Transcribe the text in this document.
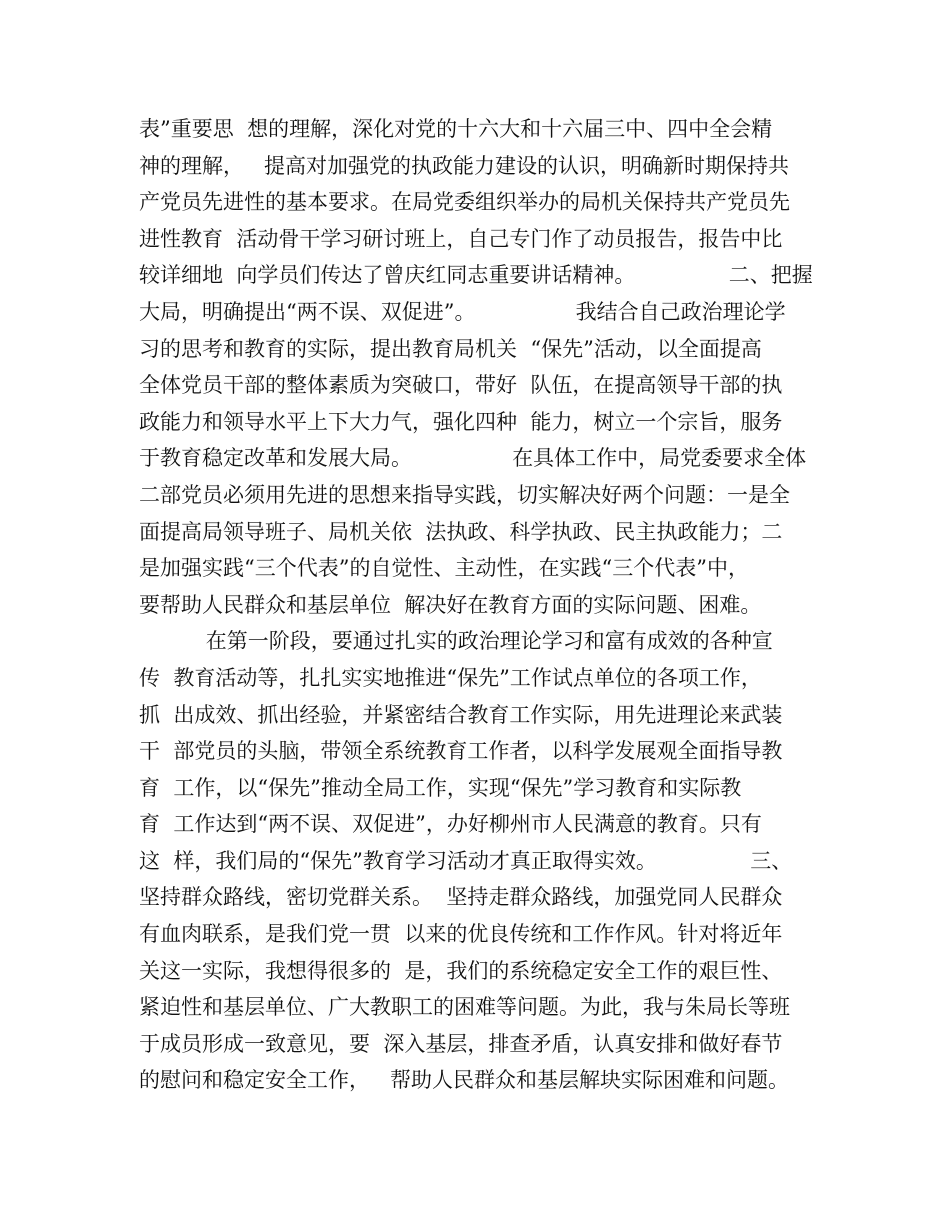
表”重要思  想的理解，深化对党的十六大和十六届三中、四中全会精
神的理解，   提高对加强党的执政能力建设的认识，明确新时期保持共
产党员先进性的基本要求。在局党委组织举办的局机关保持共产党员先
进性教育  活动骨干学习研讨班上，自己专门作了动员报告，报告中比
较详细地  向学员们传达了曾庆红同志重要讲话精神。              二、把握
大局，明确提出“两不误、双促进”。               我结合自己政治理论学
习的思考和教育的实际，提出教育局机关  “保先”活动，以全面提高
全体党员干部的整体素质为突破口，带好  队伍，在提高领导干部的执
政能力和领导水平上下大力气，强化四种  能力，树立一个宗旨，服务
于教育稳定改革和发展大局。               在具体工作中，局党委要求全体
二部党员必须用先进的思想来指导实践，切实解决好两个问题：一是全
面提高局领导班子、局机关依  法执政、科学执政、民主执政能力；二
是加强实践“三个代表”的自觉性、主动性，在实践“三个代表”中，
要帮助人民群众和基层单位  解决好在教育方面的实际问题、困难。
在第一阶段，要通过扎实的政治理论学习和富有成效的各种宣
传  教育活动等，扎扎实实地推进“保先”工作试点单位的各项工作，
抓  出成效、抓出经验，并紧密结合教育工作实际，用先进理论来武装
干  部党员的头脑，带领全系统教育工作者，以科学发展观全面指导教
育  工作，以“保先”推动全局工作，实现“保先”学习教育和实际教
育  工作达到“两不误、双促进”，办好柳州市人民满意的教育。只有
这  样，我们局的“保先”教育学习活动才真正取得实效。              三、
坚持群众路线，密切党群关系。  坚持走群众路线，加强党同人民群众
有血肉联系，是我们党一贯  以来的优良传统和工作作风。针对将近年
关这一实际，我想得很多的  是，我们的系统稳定安全工作的艰巨性、
紧迫性和基层单位、广大教职工的困难等问题。为此，我与朱局长等班
于成员形成一致意见，要  深入基层，排查矛盾，认真安排和做好春节
的慰问和稳定安全工作，   帮助人民群众和基层解块实际困难和问题。
